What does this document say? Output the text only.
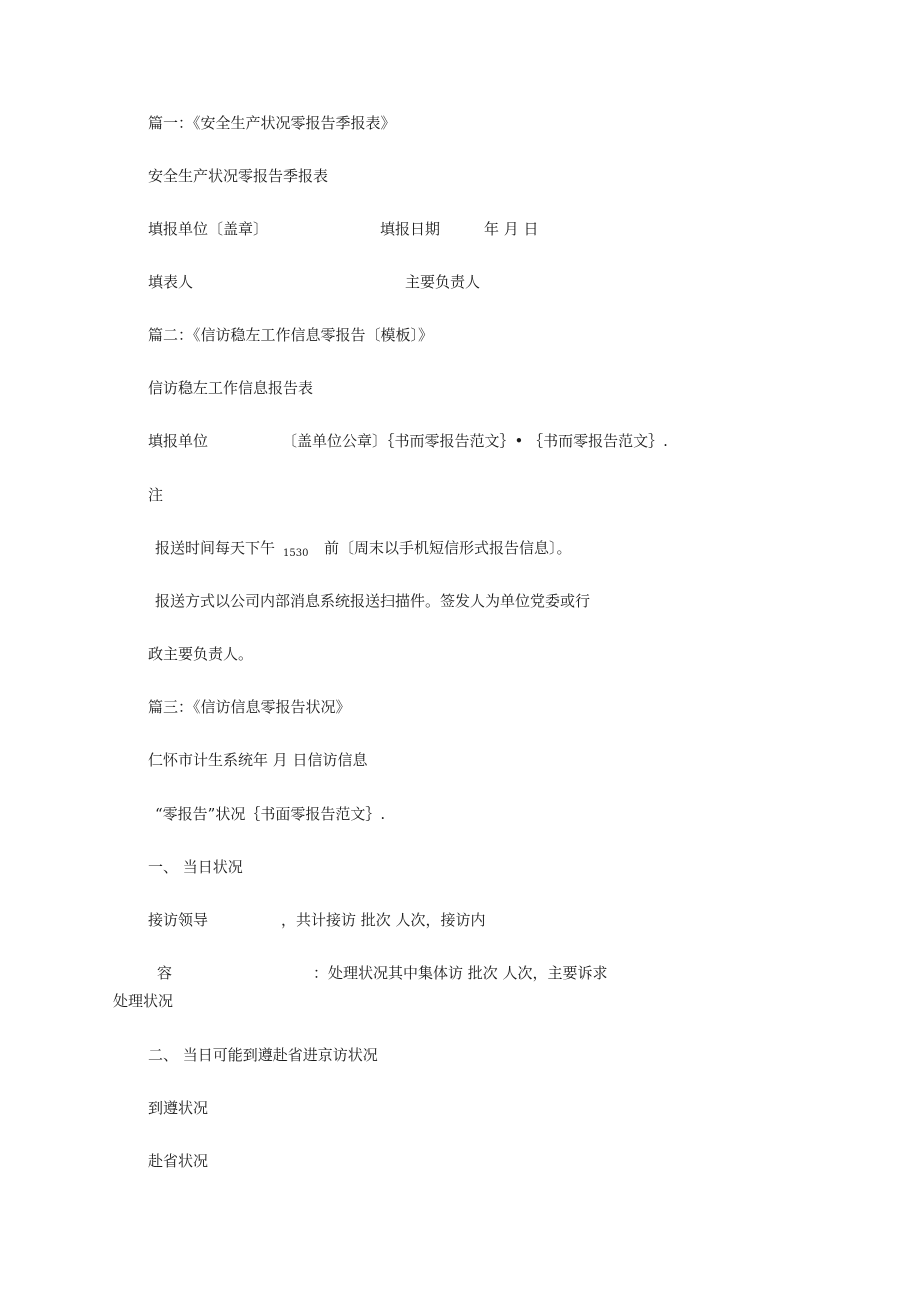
篇一：《安全生产状况零报告季报表》
安全生产状况零报告季报表
填报单位〔盖章〕	填报日期	年 月 日
填表人	主要负责人
篇二：《信访稳左工作信息零报告〔模板〕》
信访稳左工作信息报告表
填报单位	〔盖单位公章〕｛书而零报告范文｝• ｛书而零报告范文｝.
注
报送时间每天下午 $_{1530}$ 前〔周末以手机短信形式报告信息〕。
报送方式以公司内部消息系统报送扫描件。签发人为单位党委或行
政主要负责人。
篇三：《信访信息零报告状况》
仁怀市计生系统年 月 日信访信息
“零报告”状况｛书面零报告范文｝.
一、 当日状况
接访领导	，共计接访 批次 人次，接访内
容	：处理状况其中集体访 批次 人次，主要诉求
处理状况
二、 当日可能到遵赴省进京访状况
到遵状况
赴省状况
